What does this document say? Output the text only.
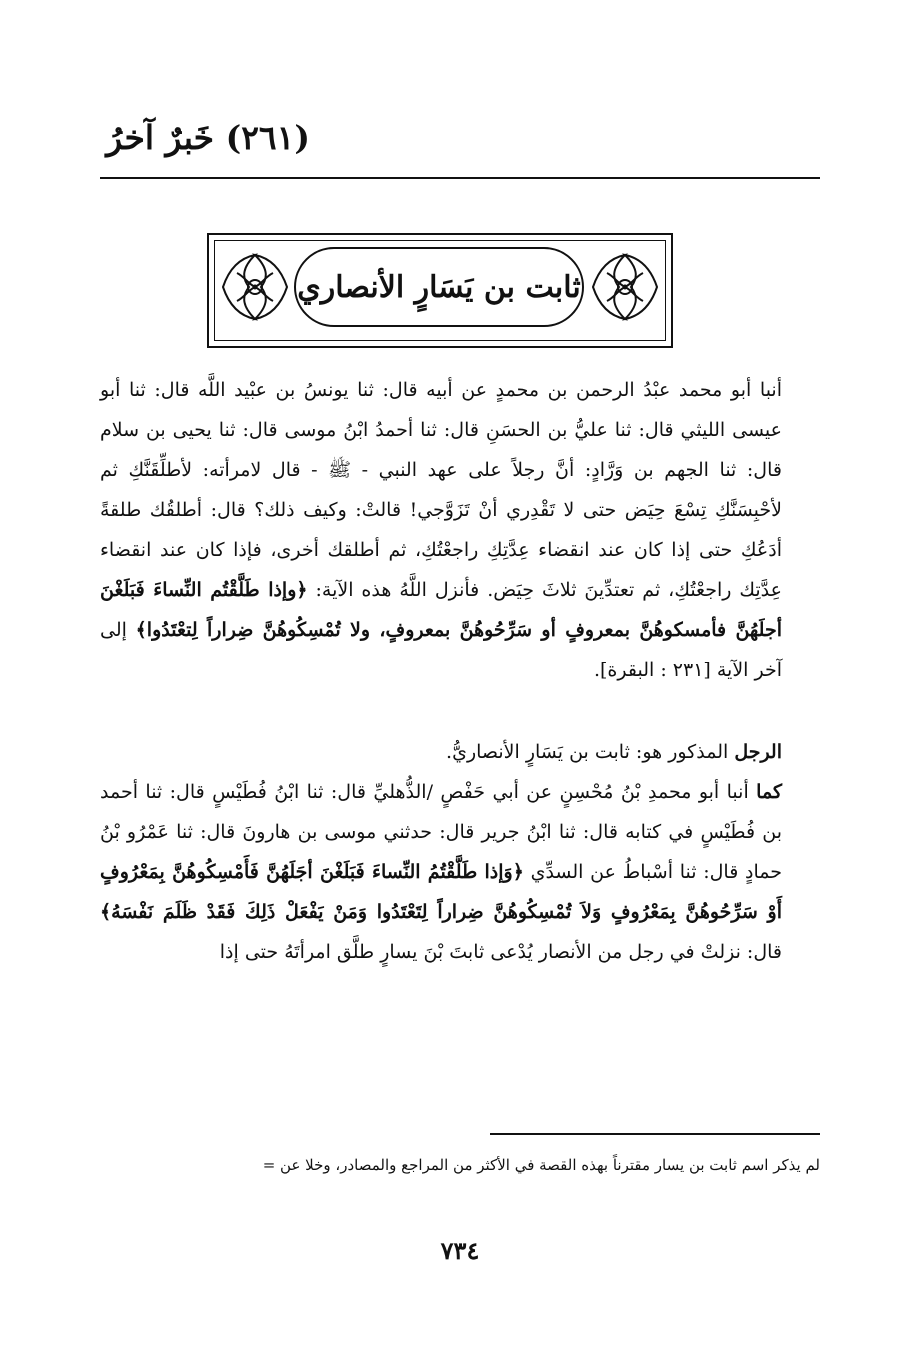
(٢٦١) خَبرٌ آخرُ
ثابت بن يَسَارٍ الأنصاري

أنبا أبو محمد عبْدُ الرحمن بن محمدٍ عن أبيه قال: ثنا يونسُ بن عبْيد اللَّه قال: ثنا أبو عيسى الليثي قال: ثنا عليُّ بن الحسَنِ قال: ثنا أحمدُ ابْنُ موسى قال: ثنا يحيى بن سلام قال: ثنا الجهم بن وَرَّادٍ: أنَّ رجلاً على عهد النبي - ﷺ - قال لامرأته: لأطلِّقَنَّكِ ثم لأحْبِسَنَّكِ تِسْعَ حِيَض حتى لا تَقْدِري أنْ تَزَوَّجي! قالتْ: وكيف ذلك؟ قال: أطلقُك طلقةً أدَعُكِ حتى إذا كان عند انقضاء عِدَّتِكِ راجعْتُكِ، ثم أطلقك أخرى، فإذا كان عند انقضاء عِدَّتِك راجعْتُكِ، ثم تعتدِّينَ ثلاثَ حِيَض. فأنزل اللَّهُ هذه الآية: ﴿وإذا طَلَّقْتُم النِّساءَ فَبَلَغْنَ أجلَهُنَّ فأمسكوهُنَّ بمعروفٍ أو سَرِّحُوهُنَّ بمعروفٍ، ولا تُمْسِكُوهُنَّ ضِراراً لِتعْتَدُوا﴾ إلى آخر الآية [٢٣١ : البقرة].

الرجل المذكور هو: ثابت بن يَسَارٍ الأنصاريُّ.

كما أنبا أبو محمدِ بْنُ مُحْسِنٍ عن أبي حَفْصٍ /الذُّهليِّ قال: ثنا ابْنُ فُطَيْسٍ قال: ثنا أحمد بن فُطَيْسٍ في كتابه قال: ثنا ابْنُ جرير قال: حدثني موسى بن هارونَ قال: ثنا عَمْرُو بْنُ حمادٍ قال: ثنا أسْباطُ عن السدِّي ﴿وَإذا طَلَّقْتُمُ النِّساءَ فَبَلَغْنَ أجَلَهُنَّ فَأَمْسِكُوهُنَّ بِمَعْرُوفٍ أَوْ سَرِّحُوهُنَّ بِمَعْرُوفٍ وَلاَ تُمْسِكُوهُنَّ ضِراراً لِتَعْتَدُوا وَمَنْ يَفْعَلْ ذَلِكَ فَقَدْ ظَلَمَ نَفْسَهُ﴾ قال: نزلتْ في رجل من الأنصار يُدْعى ثابتَ بْنَ يسارٍ طلَّق امرأتَهُ حتى إذا

لم يذكر اسم ثابت بن يسار مقترناً بهذه القصة في الأكثر من المراجع والمصادر، وخلا عن =
٧٣٤
